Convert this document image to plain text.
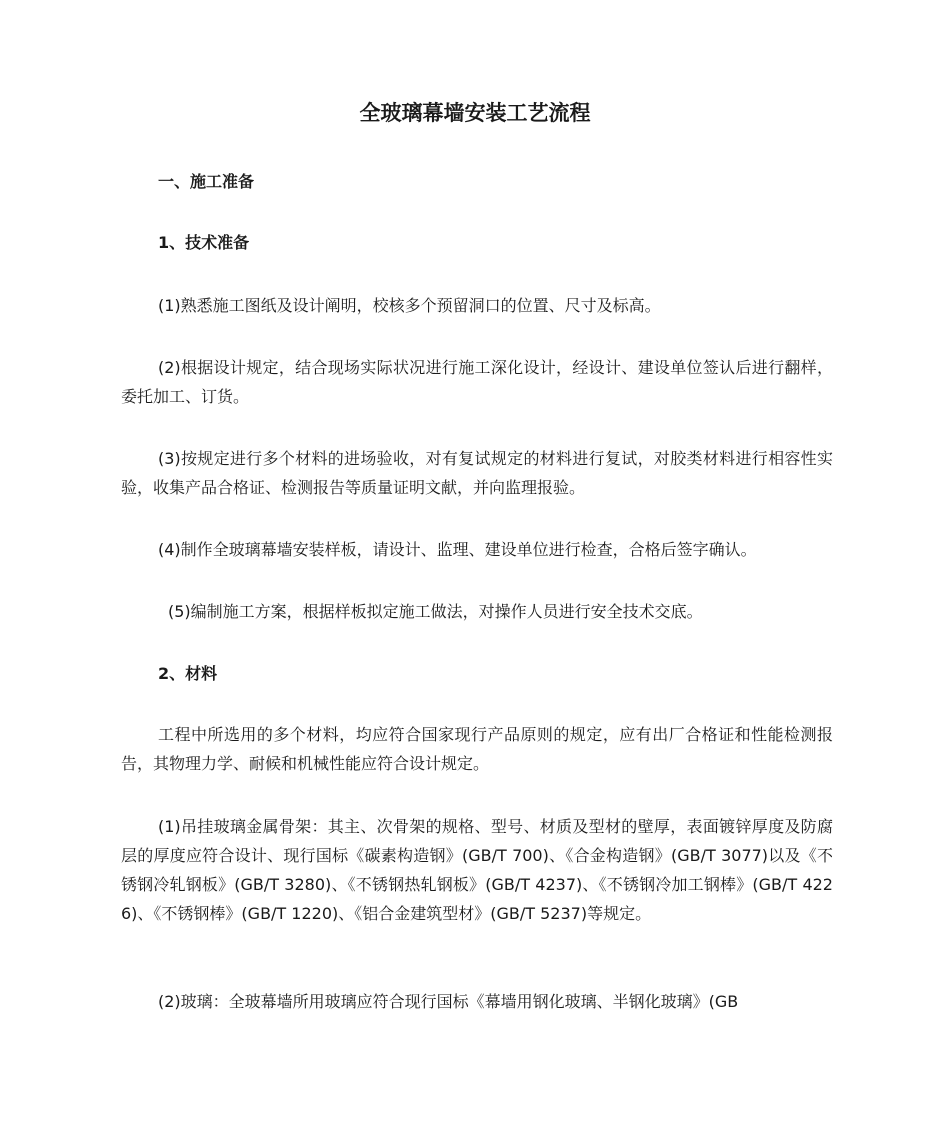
全玻璃幕墙安装工艺流程

一、施工准备

1、技术准备

(1)熟悉施工图纸及设计阐明，校核多个预留洞口的位置、尺寸及标高。

(2)根据设计规定，结合现场实际状况进行施工深化设计，经设计、建设单位签认后进行翻样，委托加工、订货。

(3)按规定进行多个材料的进场验收，对有复试规定的材料进行复试，对胶类材料进行相容性实验，收集产品合格证、检测报告等质量证明文献，并向监理报验。

(4)制作全玻璃幕墙安装样板，请设计、监理、建设单位进行检查，合格后签字确认。

(5)编制施工方案，根据样板拟定施工做法，对操作人员进行安全技术交底。

2、材料

工程中所选用的多个材料，均应符合国家现行产品原则的规定，应有出厂合格证和性能检测报告，其物理力学、耐候和机械性能应符合设计规定。

(1)吊挂玻璃金属骨架：其主、次骨架的规格、型号、材质及型材的壁厚，表面镀锌厚度及防腐层的厚度应符合设计、现行国标《碳素构造钢》(GB/T 700)、《合金构造钢》(GB/T 3077)以及《不锈钢冷轧钢板》(GB/T 3280)、《不锈钢热轧钢板》(GB/T 4237)、《不锈钢冷加工钢棒》(GB/T 4226)、《不锈钢棒》(GB/T 1220)、《铝合金建筑型材》(GB/T 5237)等规定。

(2)玻璃：全玻幕墙所用玻璃应符合现行国标《幕墙用钢化玻璃、半钢化玻璃》(GB
